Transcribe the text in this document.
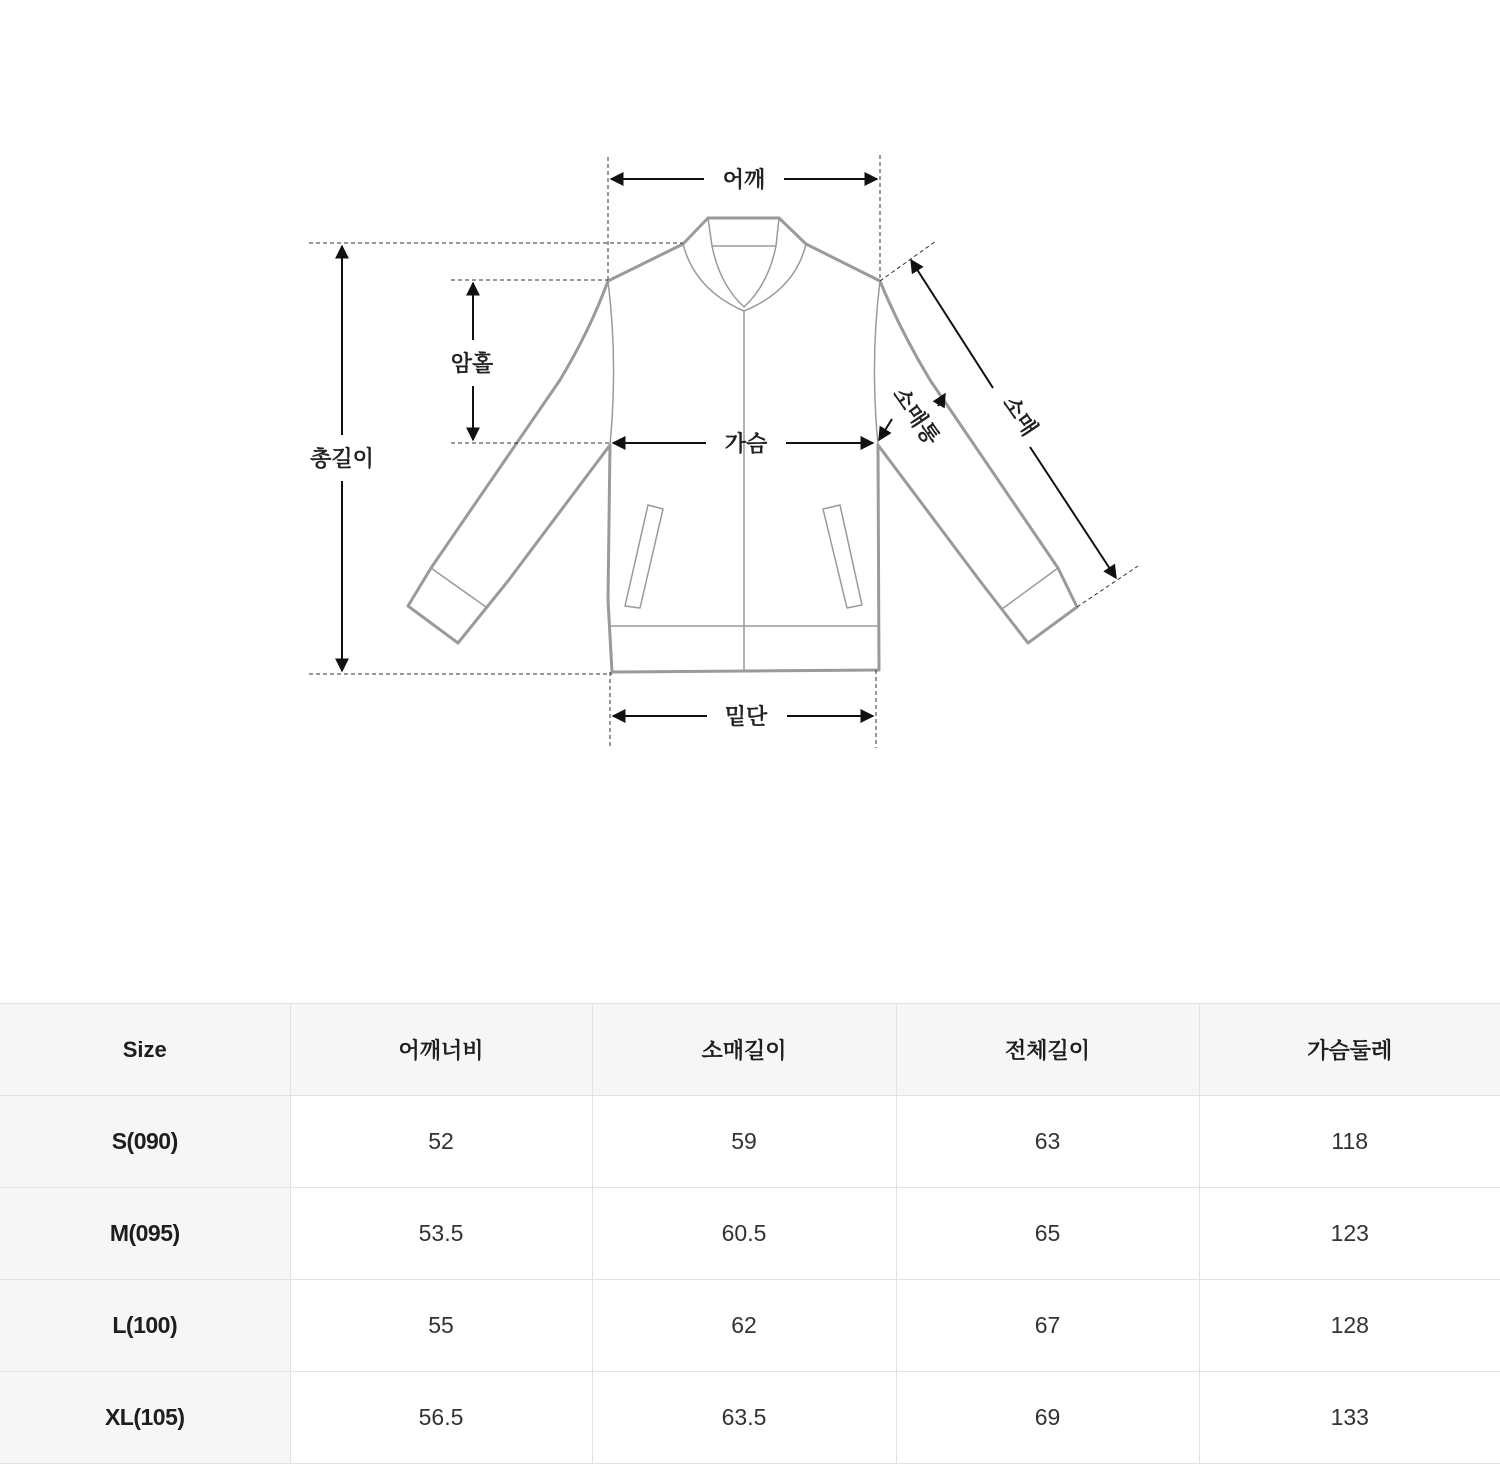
어깨
암홀
총길이
가슴
밑단
소매
소매통
Size	어깨너비	소매길이	전체길이	가슴둘레
S(090)	52	59	63	118
M(095)	53.5	60.5	65	123
L(100)	55	62	67	128
XL(105)	56.5	63.5	69	133
